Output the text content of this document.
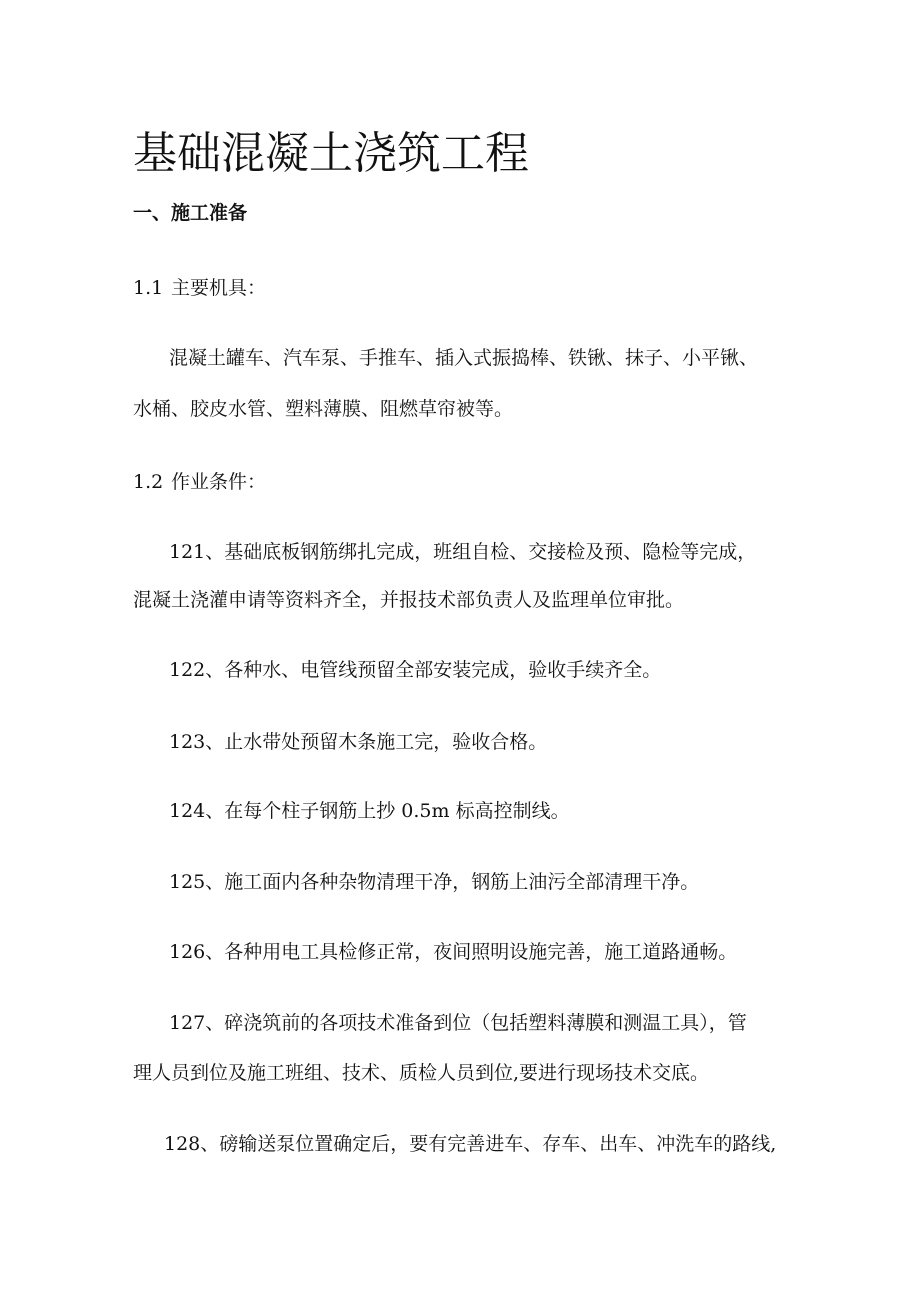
基础混凝土浇筑工程
一、施工准备
1.1 主要机具：
混凝土罐车、汽车泵、手推车、插入式振捣棒、铁锹、抹子、小平锹、
水桶、胶皮水管、塑料薄膜、阻燃草帘被等。
1.2 作业条件：
121、基础底板钢筋绑扎完成，班组自检、交接检及预、隐检等完成，
混凝土浇灌申请等资料齐全，并报技术部负责人及监理单位审批。
122、各种水、电管线预留全部安装完成，验收手续齐全。
123、止水带处预留木条施工完，验收合格。
124、在每个柱子钢筋上抄 0.5m 标高控制线。
125、施工面内各种杂物清理干净，钢筋上油污全部清理干净。
126、各种用电工具检修正常，夜间照明设施完善，施工道路通畅。
127、碎浇筑前的各项技术准备到位（包括塑料薄膜和测温工具），管
理人员到位及施工班组、技术、质检人员到位,要进行现场技术交底。
128、磅输送泵位置确定后，要有完善进车、存车、出车、冲洗车的路线,
